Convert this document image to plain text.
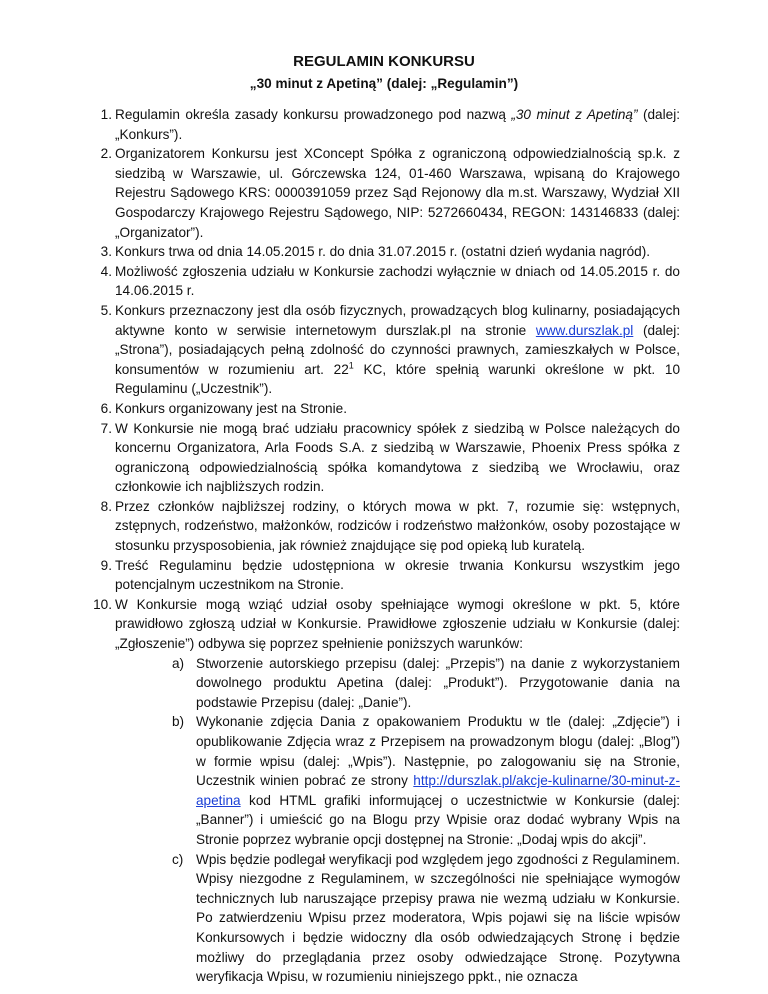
REGULAMIN KONKURSU
„30 minut z Apetiną” (dalej: „Regulamin”)
1. Regulamin określa zasady konkursu prowadzonego pod nazwą „30 minut z Apetiną” (dalej: „Konkurs”).
2. Organizatorem Konkursu jest XConcept Spółka z ograniczoną odpowiedzialnością sp.k. z siedzibą w Warszawie, ul. Górczewska 124, 01-460 Warszawa, wpisaną do Krajowego Rejestru Sądowego KRS: 0000391059 przez Sąd Rejonowy dla m.st. Warszawy, Wydział XII Gospodarczy Krajowego Rejestru Sądowego, NIP: 5272660434, REGON: 143146833 (dalej: „Organizator”).
3. Konkurs trwa od dnia 14.05.2015 r. do dnia 31.07.2015 r. (ostatni dzień wydania nagród).
4. Możliwość zgłoszenia udziału w Konkursie zachodzi wyłącznie w dniach od 14.05.2015 r. do 14.06.2015 r.
5. Konkurs przeznaczony jest dla osób fizycznych, prowadzących blog kulinarny, posiadających aktywne konto w serwisie internetowym durszlak.pl na stronie www.durszlak.pl (dalej: „Strona”), posiadających pełną zdolność do czynności prawnych, zamieszkałych w Polsce, konsumentów w rozumieniu art. $22^1$ KC, które spełnią warunki określone w pkt. 10 Regulaminu („Uczestnik”).
6. Konkurs organizowany jest na Stronie.
7. W Konkursie nie mogą brać udziału pracownicy spółek z siedzibą w Polsce należących do koncernu Organizatora, Arla Foods S.A. z siedzibą w Warszawie, Phoenix Press spółka z ograniczoną odpowiedzialnością spółka komandytowa z siedzibą we Wrocławiu, oraz członkowie ich najbliższych rodzin.
8. Przez członków najbliższej rodziny, o których mowa w pkt. 7, rozumie się: wstępnych, zstępnych, rodzeństwo, małżonków, rodziców i rodzeństwo małżonków, osoby pozostające w stosunku przysposobienia, jak również znajdujące się pod opieką lub kuratelą.
9. Treść Regulaminu będzie udostępniona w okresie trwania Konkursu wszystkim jego potencjalnym uczestnikom na Stronie.
10. W Konkursie mogą wziąć udział osoby spełniające wymogi określone w pkt. 5, które prawidłowo zgłoszą udział w Konkursie. Prawidłowe zgłoszenie udziału w Konkursie (dalej: „Zgłoszenie”) odbywa się poprzez spełnienie poniższych warunków:
a) Stworzenie autorskiego przepisu (dalej: „Przepis”) na danie z wykorzystaniem dowolnego produktu Apetina (dalej: „Produkt”). Przygotowanie dania na podstawie Przepisu (dalej: „Danie”).
b) Wykonanie zdjęcia Dania z opakowaniem Produktu w tle (dalej: „Zdjęcie”) i opublikowanie Zdjęcia wraz z Przepisem na prowadzonym blogu (dalej: „Blog”) w formie wpisu (dalej: „Wpis”). Następnie, po zalogowaniu się na Stronie, Uczestnik winien pobrać ze strony http://durszlak.pl/akcje-kulinarne/30-minut-z-apetina kod HTML grafiki informującej o uczestnictwie w Konkursie (dalej: „Banner”) i umieścić go na Blogu przy Wpisie oraz dodać wybrany Wpis na Stronie poprzez wybranie opcji dostępnej na Stronie: „Dodaj wpis do akcji”.
c) Wpis będzie podlegał weryfikacji pod względem jego zgodności z Regulaminem. Wpisy niezgodne z Regulaminem, w szczególności nie spełniające wymogów technicznych lub naruszające przepisy prawa nie wezmą udziału w Konkursie. Po zatwierdzeniu Wpisu przez moderatora, Wpis pojawi się na liście wpisów Konkursowych i będzie widoczny dla osób odwiedzających Stronę i będzie możliwy do przeglądania przez osoby odwiedzające Stronę. Pozytywna weryfikacja Wpisu, w rozumieniu niniejszego ppkt., nie oznacza
